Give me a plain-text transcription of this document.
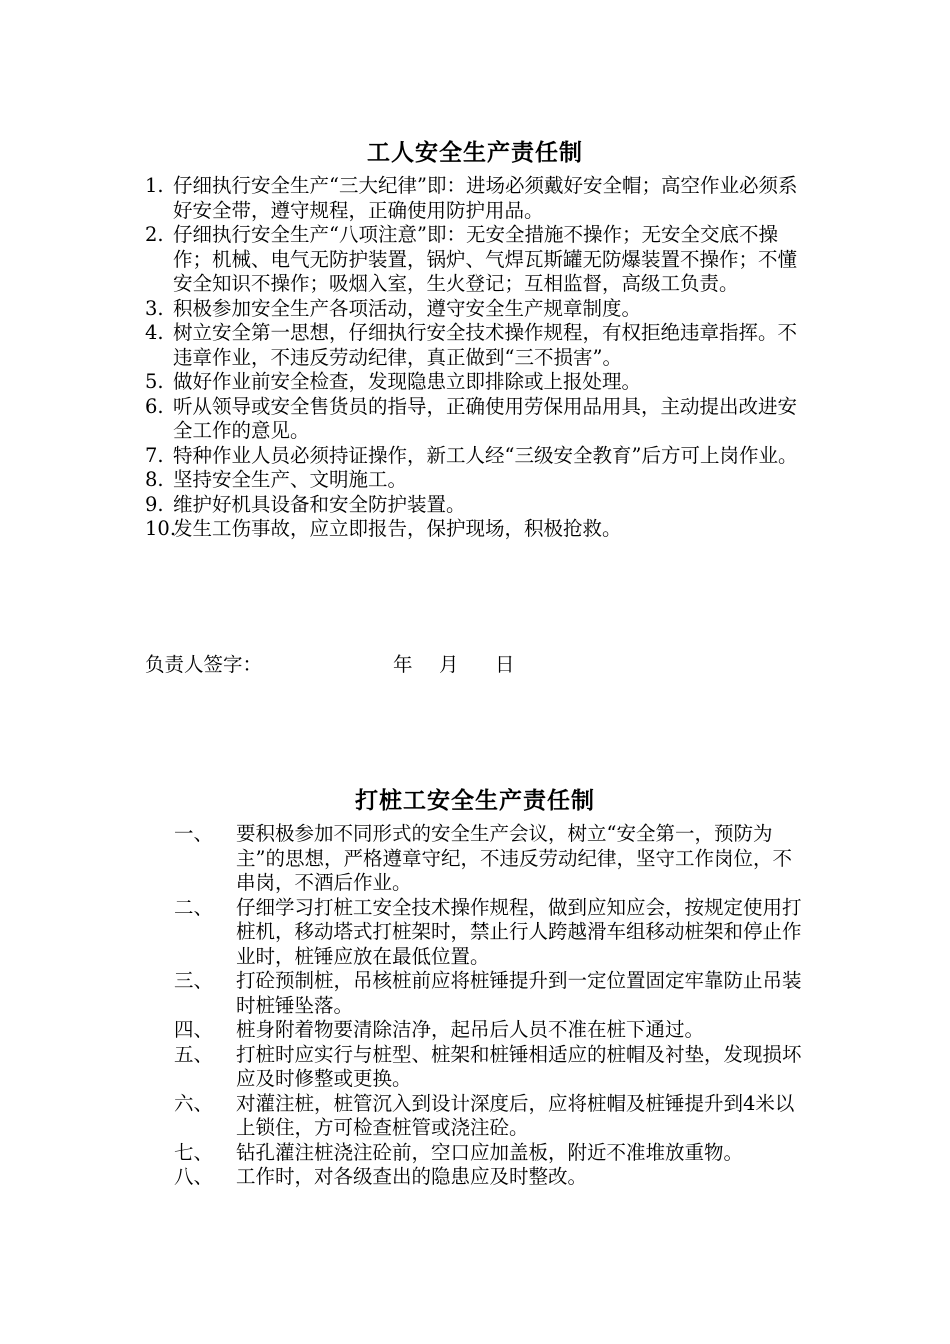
工人安全生产责任制
1. 仔细执行安全生产“三大纪律”即：进场必须戴好安全帽；高空作业必须系好安全带，遵守规程，正确使用防护用品。
2. 仔细执行安全生产“八项注意”即：无安全措施不操作；无安全交底不操作；机械、电气无防护装置，锅炉、气焊瓦斯罐无防爆装置不操作；不懂安全知识不操作；吸烟入室，生火登记；互相监督，高级工负责。
3. 积极参加安全生产各项活动，遵守安全生产规章制度。
4. 树立安全第一思想，仔细执行安全技术操作规程，有权拒绝违章指挥。不违章作业，不违反劳动纪律，真正做到“三不损害”。
5. 做好作业前安全检查，发现隐患立即排除或上报处理。
6. 听从领导或安全售货员的指导，正确使用劳保用品用具，主动提出改进安全工作的意见。
7. 特种作业人员必须持证操作，新工人经“三级安全教育”后方可上岗作业。
8. 坚持安全生产、文明施工。
9. 维护好机具设备和安全防护装置。
10.
发生工伤事故，应立即报告，保护现场，积极抢救。
负责人签字：	年	月	日
打桩工安全生产责任制
一、	要积极参加不同形式的安全生产会议，树立“安全第一，预防为主”的思想，严格遵章守纪，不违反劳动纪律，坚守工作岗位，不串岗，不酒后作业。
二、	仔细学习打桩工安全技术操作规程，做到应知应会，按规定使用打桩机，移动塔式打桩架时，禁止行人跨越滑车组移动桩架和停止作业时，桩锤应放在最低位置。
三、	打砼预制桩，吊核桩前应将桩锤提升到一定位置固定牢靠防止吊装时桩锤坠落。
四、	桩身附着物要清除洁净，起吊后人员不准在桩下通过。
五、	打桩时应实行与桩型、桩架和桩锤相适应的桩帽及衬垫，发现损坏应及时修整或更换。
六、	对灌注桩，桩管沉入到设计深度后，应将桩帽及桩锤提升到4米以上锁住，方可检查桩管或浇注砼。
七、	钻孔灌注桩浇注砼前，空口应加盖板，附近不准堆放重物。
八、	工作时，对各级查出的隐患应及时整改。
